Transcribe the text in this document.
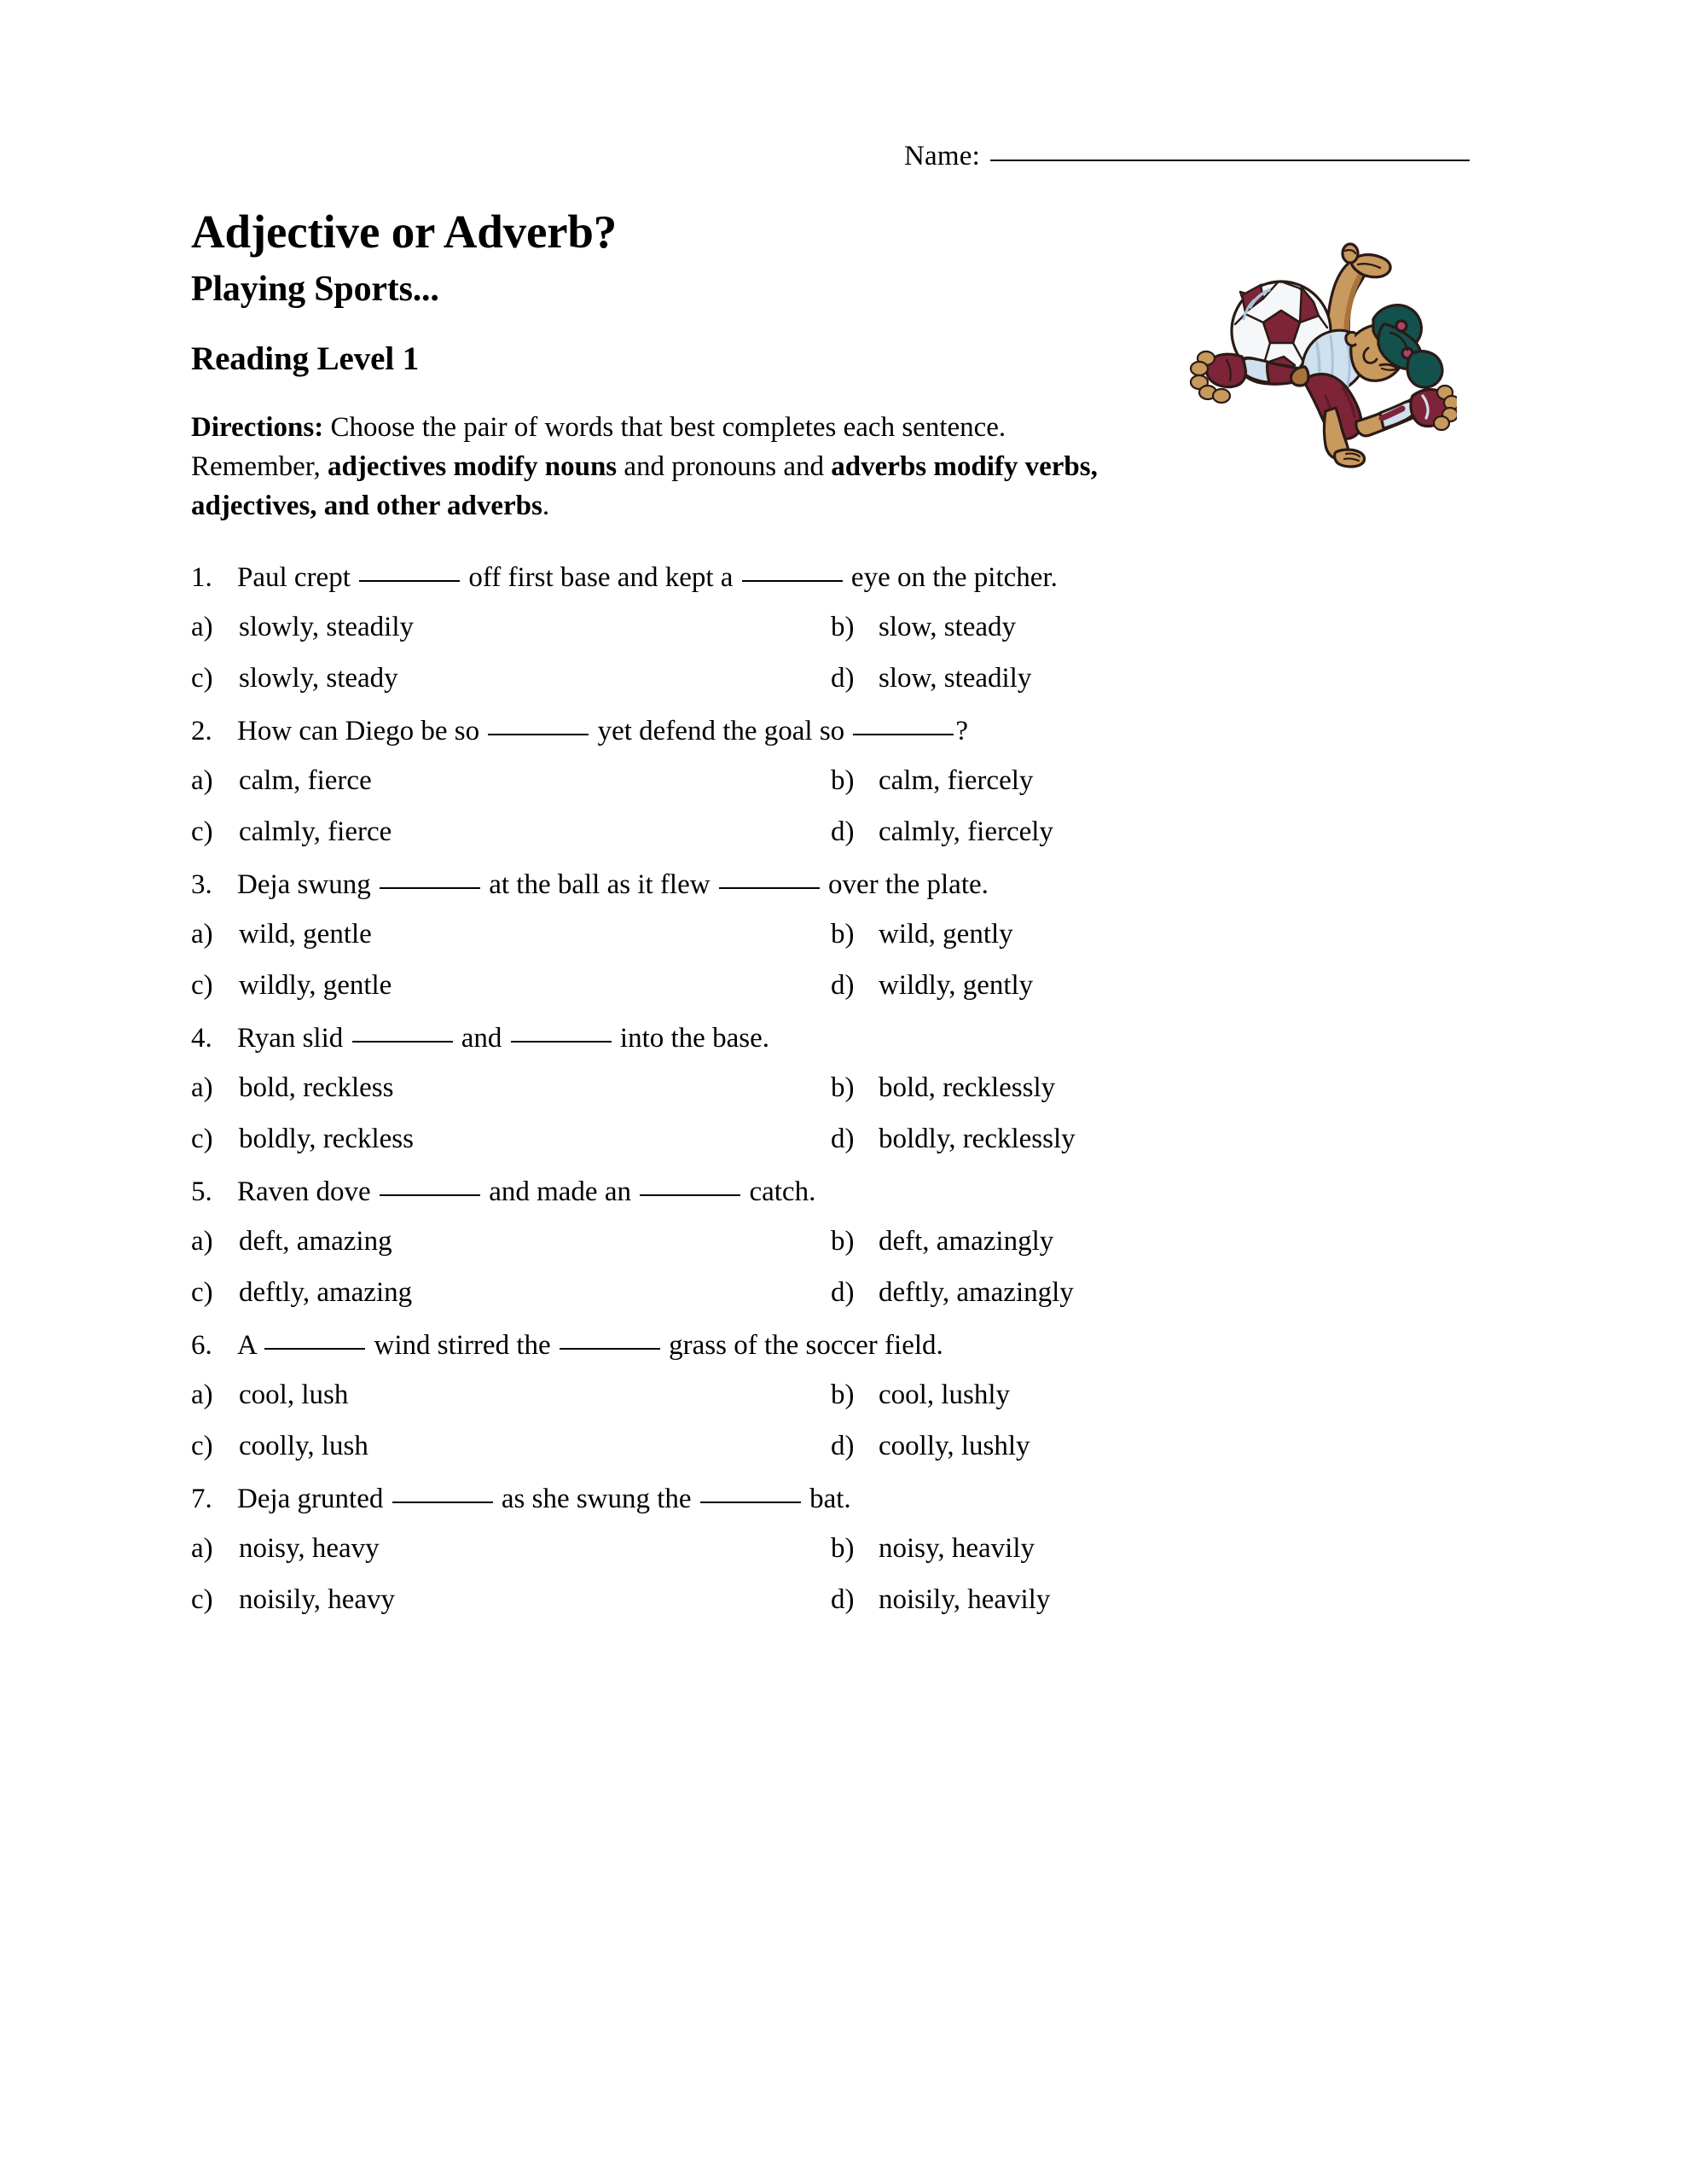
Name:
Adjective or Adverb?
Playing Sports...
Reading Level 1
Directions: Choose the pair of words that best completes each sentence. Remember, adjectives modify nouns and pronouns and adverbs modify verbs, adjectives, and other adverbs.
1. Paul crept	off first base and kept a	eye on the pitcher.
a) slowly, steadily	b) slow, steady
c) slowly, steady	d) slow, steadily
2. How can Diego be so	yet defend the goal so	?
a) calm, fierce	b) calm, fiercely
c) calmly, fierce	d) calmly, fiercely
3. Deja swung	at the ball as it flew	over the plate.
a) wild, gentle	b) wild, gently
c) wildly, gentle	d) wildly, gently
4. Ryan slid	and	into the base.
a) bold, reckless	b) bold, recklessly
c) boldly, reckless	d) boldly, recklessly
5. Raven dove	and made an	catch.
a) deft, amazing	b) deft, amazingly
c) deftly, amazing	d) deftly, amazingly
6. A	wind stirred the	grass of the soccer field.
a) cool, lush	b) cool, lushly
c) coolly, lush	d) coolly, lushly
7. Deja grunted	as she swung the	bat.
a) noisy, heavy	b) noisy, heavily
c) noisily, heavy	d) noisily, heavily
